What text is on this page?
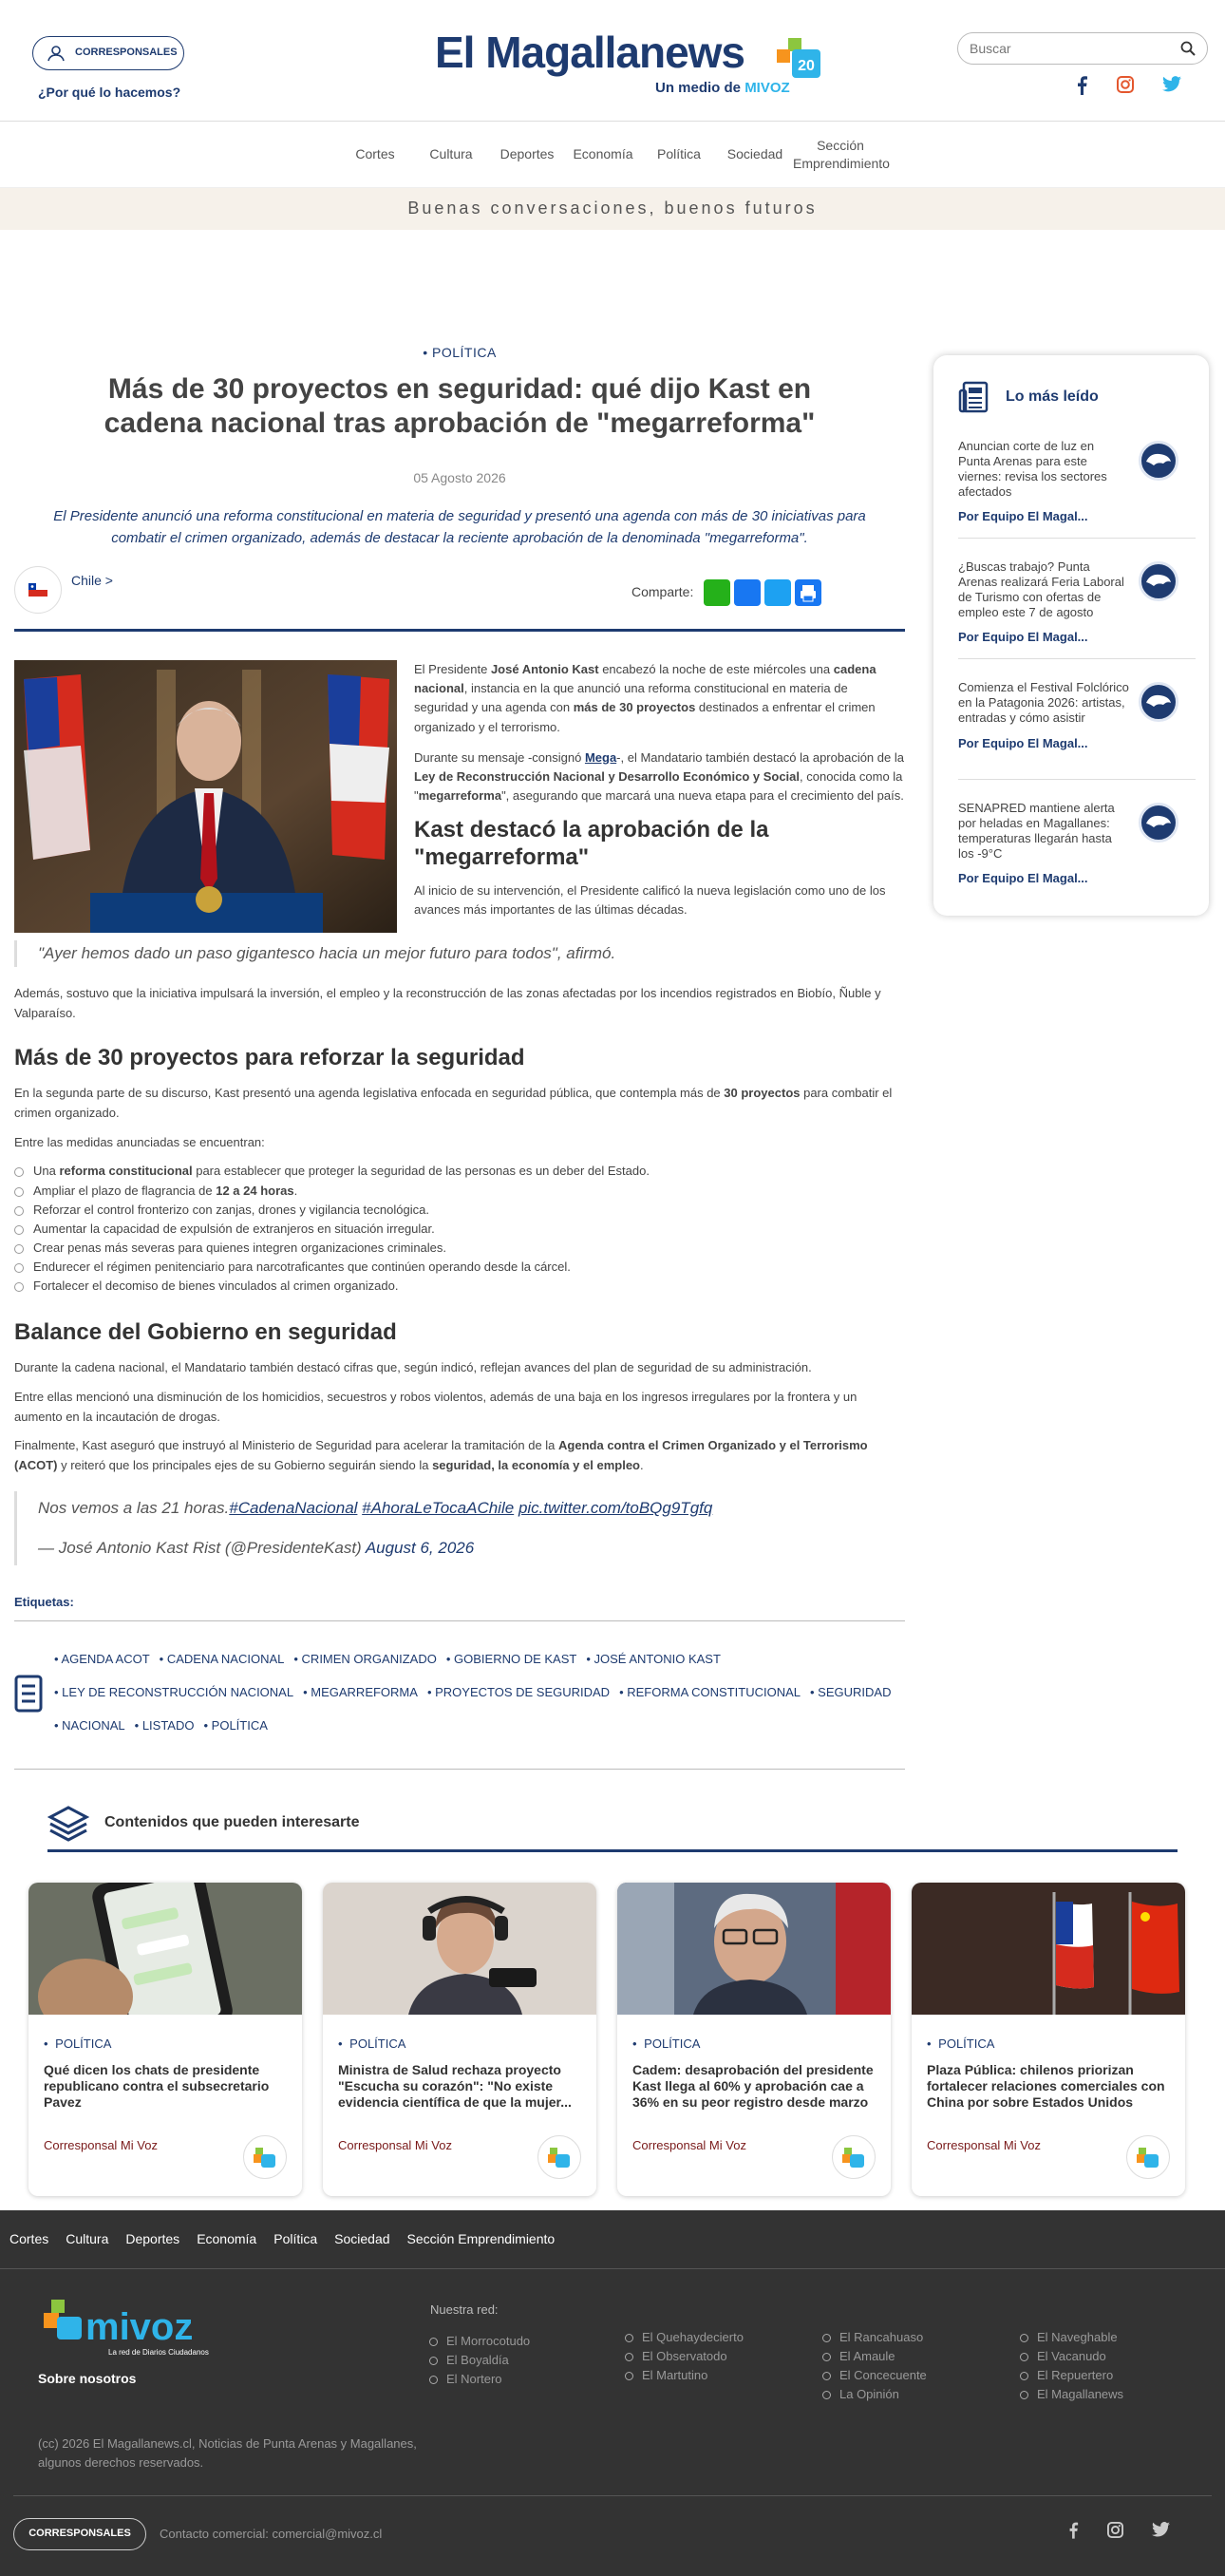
CORRESPONSALES
¿Por qué lo hacemos?
El Magallanews
Un medio de MIVOZ
20
Buscar
Cortes	Cultura	Deportes	Economía	Política	Sociedad
Sección Emprendimiento
Buenas conversaciones, buenos futuros
• POLÍTICA
Más de 30 proyectos en seguridad: qué dijo Kast en cadena nacional tras aprobación de "megarreforma"
05 Agosto 2026

El Presidente anunció una reforma constitucional en materia de seguridad y presentó una agenda con más de 30 iniciativas para combatir el crimen organizado, además de destacar la reciente aprobación de la denominada "megarreforma".

Chile >
Comparte:

El Presidente José Antonio Kast encabezó la noche de este miércoles una cadena nacional, instancia en la que anunció una reforma constitucional en materia de seguridad y una agenda con más de 30 proyectos destinados a enfrentar el crimen organizado y el terrorismo.

Durante su mensaje -consignó Mega-, el Mandatario también destacó la aprobación de la Ley de Reconstrucción Nacional y Desarrollo Económico y Social, conocida como la "megarreforma", asegurando que marcará una nueva etapa para el crecimiento del país.

Kast destacó la aprobación de la "megarreforma"

Al inicio de su intervención, el Presidente calificó la nueva legislación como uno de los avances más importantes de las últimas décadas.

"Ayer hemos dado un paso gigantesco hacia un mejor futuro para todos", afirmó.

Además, sostuvo que la iniciativa impulsará la inversión, el empleo y la reconstrucción de las zonas afectadas por los incendios registrados en Biobío, Ñuble y Valparaíso.

Más de 30 proyectos para reforzar la seguridad

En la segunda parte de su discurso, Kast presentó una agenda legislativa enfocada en seguridad pública, que contempla más de 30 proyectos para combatir el crimen organizado.

Entre las medidas anunciadas se encuentran:

Una reforma constitucional para establecer que proteger la seguridad de las personas es un deber del Estado.
Ampliar el plazo de flagrancia de 12 a 24 horas.
Reforzar el control fronterizo con zanjas, drones y vigilancia tecnológica.
Aumentar la capacidad de expulsión de extranjeros en situación irregular.
Crear penas más severas para quienes integren organizaciones criminales.
Endurecer el régimen penitenciario para narcotraficantes que continúen operando desde la cárcel.
Fortalecer el decomiso de bienes vinculados al crimen organizado.
Balance del Gobierno en seguridad

Durante la cadena nacional, el Mandatario también destacó cifras que, según indicó, reflejan avances del plan de seguridad de su administración.

Entre ellas mencionó una disminución de los homicidios, secuestros y robos violentos, además de una baja en los ingresos irregulares por la frontera y un aumento en la incautación de drogas.

Finalmente, Kast aseguró que instruyó al Ministerio de Seguridad para acelerar la tramitación de la Agenda contra el Crimen Organizado y el Terrorismo (ACOT) y reiteró que los principales ejes de su Gobierno seguirán siendo la seguridad, la economía y el empleo.

Nos vemos a las 21 horas.#CadenaNacional #AhoraLeTocaAChile pic.twitter.com/toBQg9Tgfq

— José Antonio Kast Rist (@PresidenteKast) August 6, 2026

Etiquetas:
• AGENDA ACOT	• CADENA NACIONAL	• CRIMEN ORGANIZADO	• GOBIERNO DE KAST	• JOSÉ ANTONIO KAST
• LEY DE RECONSTRUCCIÓN NACIONAL	• MEGARREFORMA	• PROYECTOS DE SEGURIDAD	• REFORMA CONSTITUCIONAL	• SEGURIDAD
• NACIONAL	• LISTADO	• POLÍTICA
Lo más leído
Anuncian corte de luz en Punta Arenas para este viernes: revisa los sectores afectados
Por Equipo El Magal...
¿Buscas trabajo? Punta Arenas realizará Feria Laboral de Turismo con ofertas de empleo este 7 de agosto
Por Equipo El Magal...
Comienza el Festival Folclórico en la Patagonia 2026: artistas, entradas y cómo asistir
Por Equipo El Magal...
SENAPRED mantiene alerta por heladas en Magallanes: temperaturas llegarán hasta los -9°C
Por Equipo El Magal...
Contenidos que pueden interesarte
• POLÍTICA
Qué dicen los chats de presidente republicano contra el subsecretario Pavez
Corresponsal Mi Voz
• POLÍTICA
Ministra de Salud rechaza proyecto "Escucha su corazón": "No existe evidencia científica de que la mujer...
Corresponsal Mi Voz
• POLÍTICA
Cadem: desaprobación del presidente Kast llega al 60% y aprobación cae a 36% en su peor registro desde marzo
Corresponsal Mi Voz
• POLÍTICA
Plaza Pública: chilenos priorizan fortalecer relaciones comerciales con China por sobre Estados Unidos
Corresponsal Mi Voz
Cortes Cultura Deportes Economía Política Sociedad Sección Emprendimiento
mivoz
La red de Diarios Ciudadanos
Sobre nosotros
Nuestra red:
El Morrocotudo
El Boyaldía
El Nortero
El Quehaydecierto
El Observatodo
El Martutino
El Rancahuaso
El Amaule
El Concecuente
La Opinión
El Naveghable
El Vacanudo
El Repuertero
El Magallanews

(cc) 2026 El Magallanews.cl, Noticias de Punta Arenas y Magallanes, algunos derechos reservados.

CORRESPONSALES	Contacto comercial: comercial@mivoz.cl
